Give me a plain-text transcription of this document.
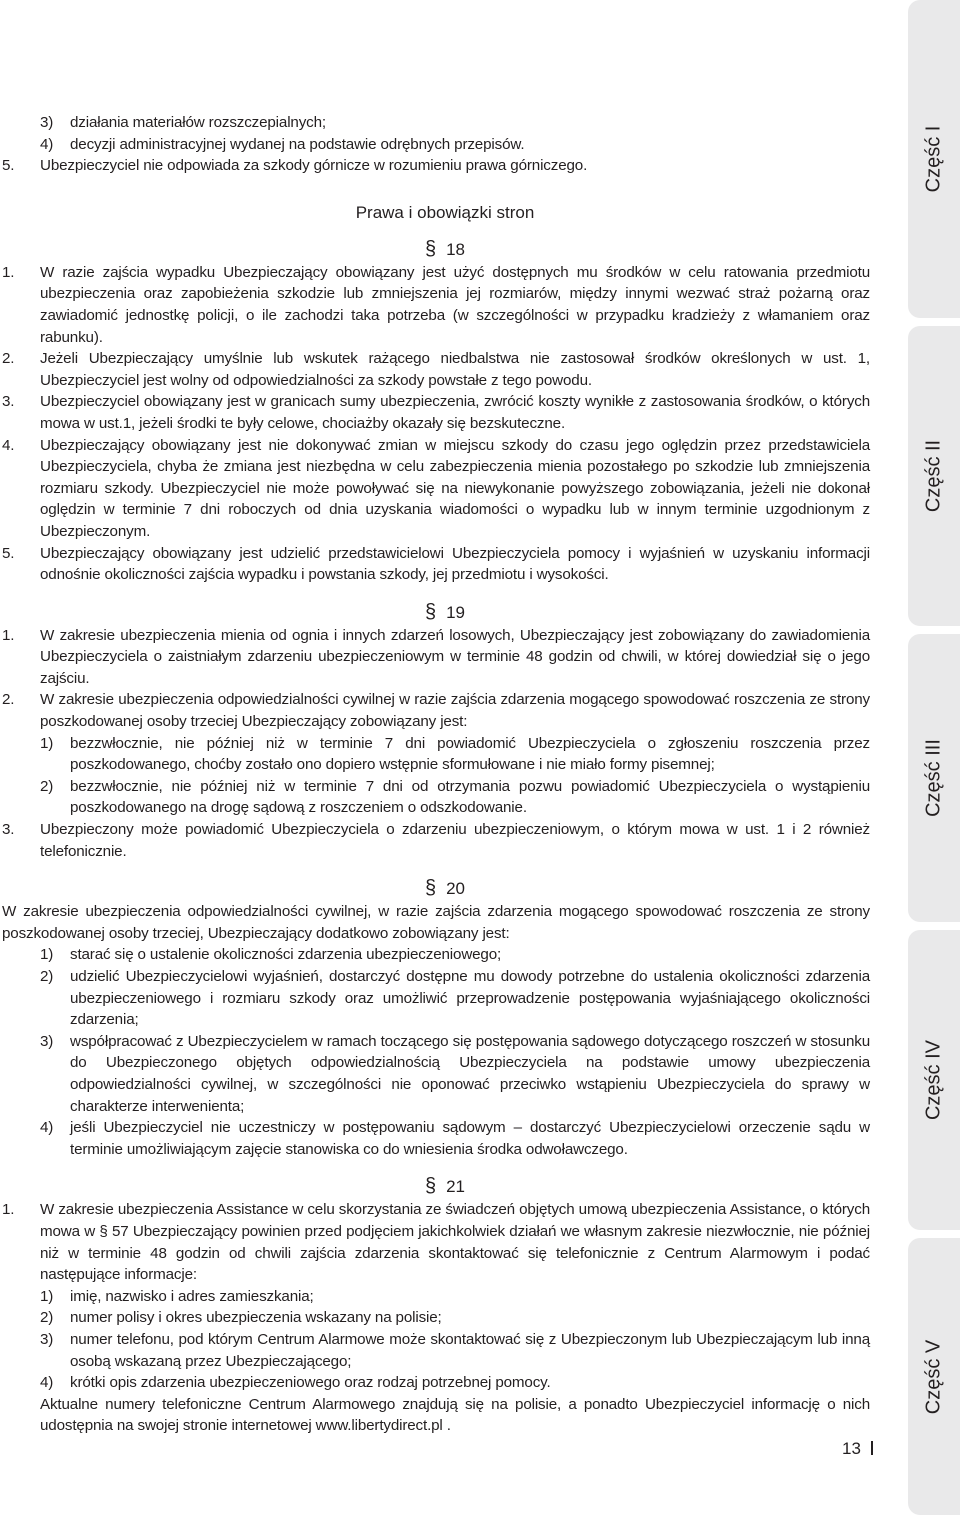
3) działania materiałów rozszczepialnych;

4) decyzji administracyjnej wydanej na podstawie odrębnych przepisów.

5. Ubezpieczyciel nie odpowiada za szkody górnicze w rozumieniu prawa górniczego.

Prawa i obowiązki stron

§ 18

1. W razie zajścia wypadku Ubezpieczający obowiązany jest użyć dostępnych mu środków w celu ratowania przedmiotu ubezpieczenia oraz zapobieżenia szkodzie lub zmniejszenia jej rozmiarów, między innymi wezwać straż pożarną oraz zawiadomić jednostkę policji, o ile zachodzi taka potrzeba (w szczególności w przypadku kradzieży z włamaniem oraz rabunku).

2. Jeżeli Ubezpieczający umyślnie lub wskutek rażącego niedbalstwa nie zastosował środków określonych w ust. 1, Ubezpieczyciel jest wolny od odpowiedzialności za szkody powstałe z tego powodu.

3. Ubezpieczyciel obowiązany jest w granicach sumy ubezpieczenia, zwrócić koszty wynikłe z zastosowania środków, o których mowa w ust.1, jeżeli środki te były celowe, chociażby okazały się bezskuteczne.

4. Ubezpieczający obowiązany jest nie dokonywać zmian w miejscu szkody do czasu jego oględzin przez przedstawiciela Ubezpieczyciela, chyba że zmiana jest niezbędna w celu zabezpieczenia mienia pozostałego po szkodzie lub zmniejszenia rozmiaru szkody. Ubezpieczyciel nie może powoływać się na niewykonanie powyższego zobowiązania, jeżeli nie dokonał oględzin w terminie 7 dni roboczych od dnia uzyskania wiadomości o wypadku lub w innym terminie uzgodnionym z Ubezpieczonym.

5. Ubezpieczający obowiązany jest udzielić przedstawicielowi Ubezpieczyciela pomocy i wyjaśnień w uzyskaniu informacji odnośnie okoliczności zajścia wypadku i powstania szkody, jej przedmiotu i wysokości.

§ 19

1. W zakresie ubezpieczenia mienia od ognia i innych zdarzeń losowych, Ubezpieczający jest zobowiązany do zawiadomienia Ubezpieczyciela o zaistniałym zdarzeniu ubezpieczeniowym w terminie 48 godzin od chwili, w której dowiedział się o jego zajściu.

2. W zakresie ubezpieczenia odpowiedzialności cywilnej w razie zajścia zdarzenia mogącego spowodować roszczenia ze strony poszkodowanej osoby trzeciej Ubezpieczający zobowiązany jest:

1) bezzwłocznie, nie później niż w terminie 7 dni powiadomić Ubezpieczyciela o zgłoszeniu roszczenia przez poszkodowanego, choćby zostało ono dopiero wstępnie sformułowane i nie miało formy pisemnej;

2) bezzwłocznie, nie później niż w terminie 7 dni od otrzymania pozwu powiadomić Ubezpieczyciela o wystąpieniu poszkodowanego na drogę sądową z roszczeniem o odszkodowanie.

3. Ubezpieczony może powiadomić Ubezpieczyciela o zdarzeniu ubezpieczeniowym, o którym mowa w ust. 1 i 2 również telefonicznie.

§ 20

W zakresie ubezpieczenia odpowiedzialności cywilnej, w razie zajścia zdarzenia mogącego spowodować roszczenia ze strony poszkodowanej osoby trzeciej, Ubezpieczający dodatkowo zobowiązany jest:

1) starać się o ustalenie okoliczności zdarzenia ubezpieczeniowego;

2) udzielić Ubezpieczycielowi wyjaśnień, dostarczyć dostępne mu dowody potrzebne do ustalenia okoliczności zdarzenia ubezpieczeniowego i rozmiaru szkody oraz umożliwić przeprowadzenie postępowania wyjaśniającego okoliczności zdarzenia;

3) współpracować z Ubezpieczycielem w ramach toczącego się postępowania sądowego dotyczącego roszczeń w stosunku do Ubezpieczonego objętych odpowiedzialnością Ubezpieczyciela na podstawie umowy ubezpieczenia odpowiedzialności cywilnej, w szczególności nie oponować przeciwko wstąpieniu Ubezpieczyciela do sprawy w charakterze interwenienta;

4) jeśli Ubezpieczyciel nie uczestniczy w postępowaniu sądowym – dostarczyć Ubezpieczycielowi orzeczenie sądu w terminie umożliwiającym zajęcie stanowiska co do wniesienia środka odwoławczego.

§ 21

1. W zakresie ubezpieczenia Assistance w celu skorzystania ze świadczeń objętych umową ubezpieczenia Assistance, o których mowa w § 57 Ubezpieczający powinien przed podjęciem jakichkolwiek działań we własnym zakresie niezwłocznie, nie później niż w terminie 48 godzin od chwili zajścia zdarzenia skontaktować się telefonicznie z Centrum Alarmowym i podać następujące informacje:

1) imię, nazwisko i adres zamieszkania;

2) numer polisy i okres ubezpieczenia wskazany na polisie;

3) numer telefonu, pod którym Centrum Alarmowe może skontaktować się z Ubezpieczonym lub Ubezpieczającym lub inną osobą wskazaną przez Ubezpieczającego;

4) krótki opis zdarzenia ubezpieczeniowego oraz rodzaj potrzebnej pomocy.

Aktualne numery telefoniczne Centrum Alarmowego znajdują się na polisie, a ponadto Ubezpieczyciel informację o nich udostępnia na swojej stronie internetowej www.libertydirect.pl .

Część I
Część II
Część III
Część IV
Część V
13
